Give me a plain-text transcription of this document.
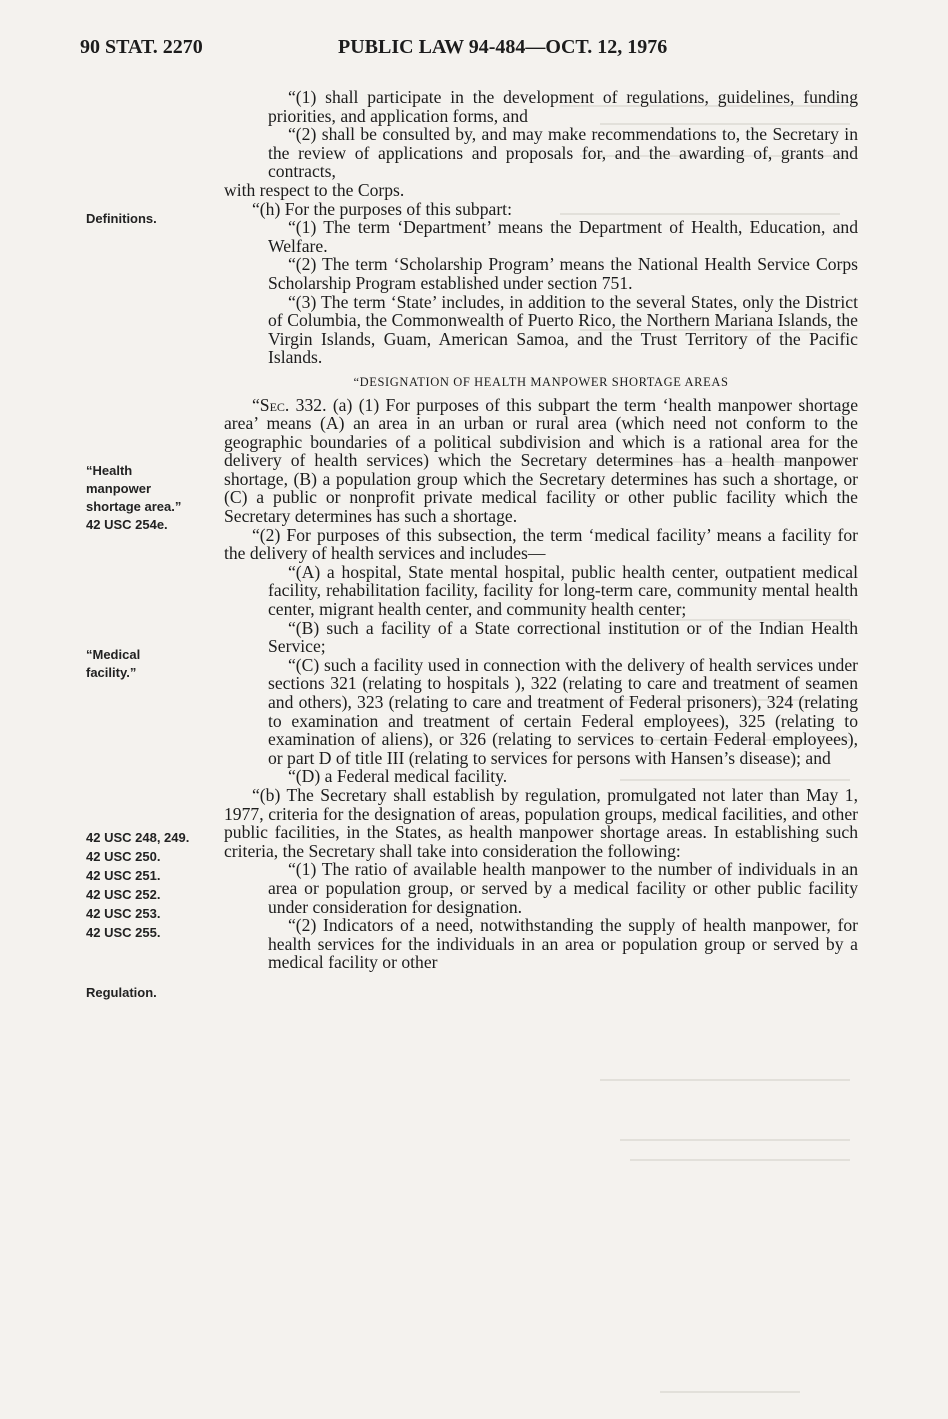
90 STAT. 2270	PUBLIC LAW 94-484—OCT. 12, 1976
Definitions.
“Health
manpower
shortage area.”
42 USC 254e.
“Medical
facility.”
42 USC 248, 249.
42 USC 250.
42 USC 251.
42 USC 252.
42 USC 253.
42 USC 255.
Regulation.

“(1) shall participate in the development of regulations, guidelines, funding priorities, and application forms, and

“(2) shall be consulted by, and may make recommendations to, the Secretary in the review of applications and proposals for, and the awarding of, grants and contracts,

with respect to the Corps.

“(h) For the purposes of this subpart:

“(1) The term ‘Department’ means the Department of Health, Education, and Welfare.

“(2) The term ‘Scholarship Program’ means the National Health Service Corps Scholarship Program established under section 751.

“(3) The term ‘State’ includes, in addition to the several States, only the District of Columbia, the Commonwealth of Puerto Rico, the Northern Mariana Islands, the Virgin Islands, Guam, American Samoa, and the Trust Territory of the Pacific Islands.

“DESIGNATION OF HEALTH MANPOWER SHORTAGE AREAS

“Sec. 332. (a) (1) For purposes of this subpart the term ‘health manpower shortage area’ means (A) an area in an urban or rural area (which need not conform to the geographic boundaries of a political subdivision and which is a rational area for the delivery of health services) which the Secretary determines has a health manpower shortage, (B) a population group which the Secretary determines has such a shortage, or (C) a public or nonprofit private medical facility or other public facility which the Secretary determines has such a shortage.

“(2) For purposes of this subsection, the term ‘medical facility’ means a facility for the delivery of health services and includes—

“(A) a hospital, State mental hospital, public health center, outpatient medical facility, rehabilitation facility, facility for long-term care, community mental health center, migrant health center, and community health center;

“(B) such a facility of a State correctional institution or of the Indian Health Service;

“(C) such a facility used in connection with the delivery of health services under sections 321 (relating to hospitals ), 322 (relating to care and treatment of seamen and others), 323 (relating to care and treatment of Federal prisoners), 324 (relating to examination and treatment of certain Federal employees), 325 (relating to examination of aliens), or 326 (relating to services to certain Federal employees), or part D of title III (relating to services for persons with Hansen’s disease); and

“(D) a Federal medical facility.

“(b) The Secretary shall establish by regulation, promulgated not later than May 1, 1977, criteria for the designation of areas, population groups, medical facilities, and other public facilities, in the States, as health manpower shortage areas. In establishing such criteria, the Secretary shall take into consideration the following:

“(1) The ratio of available health manpower to the number of individuals in an area or population group, or served by a medical facility or other public facility under consideration for designation.

“(2) Indicators of a need, notwithstanding the supply of health manpower, for health services for the individuals in an area or population group or served by a medical facility or other
